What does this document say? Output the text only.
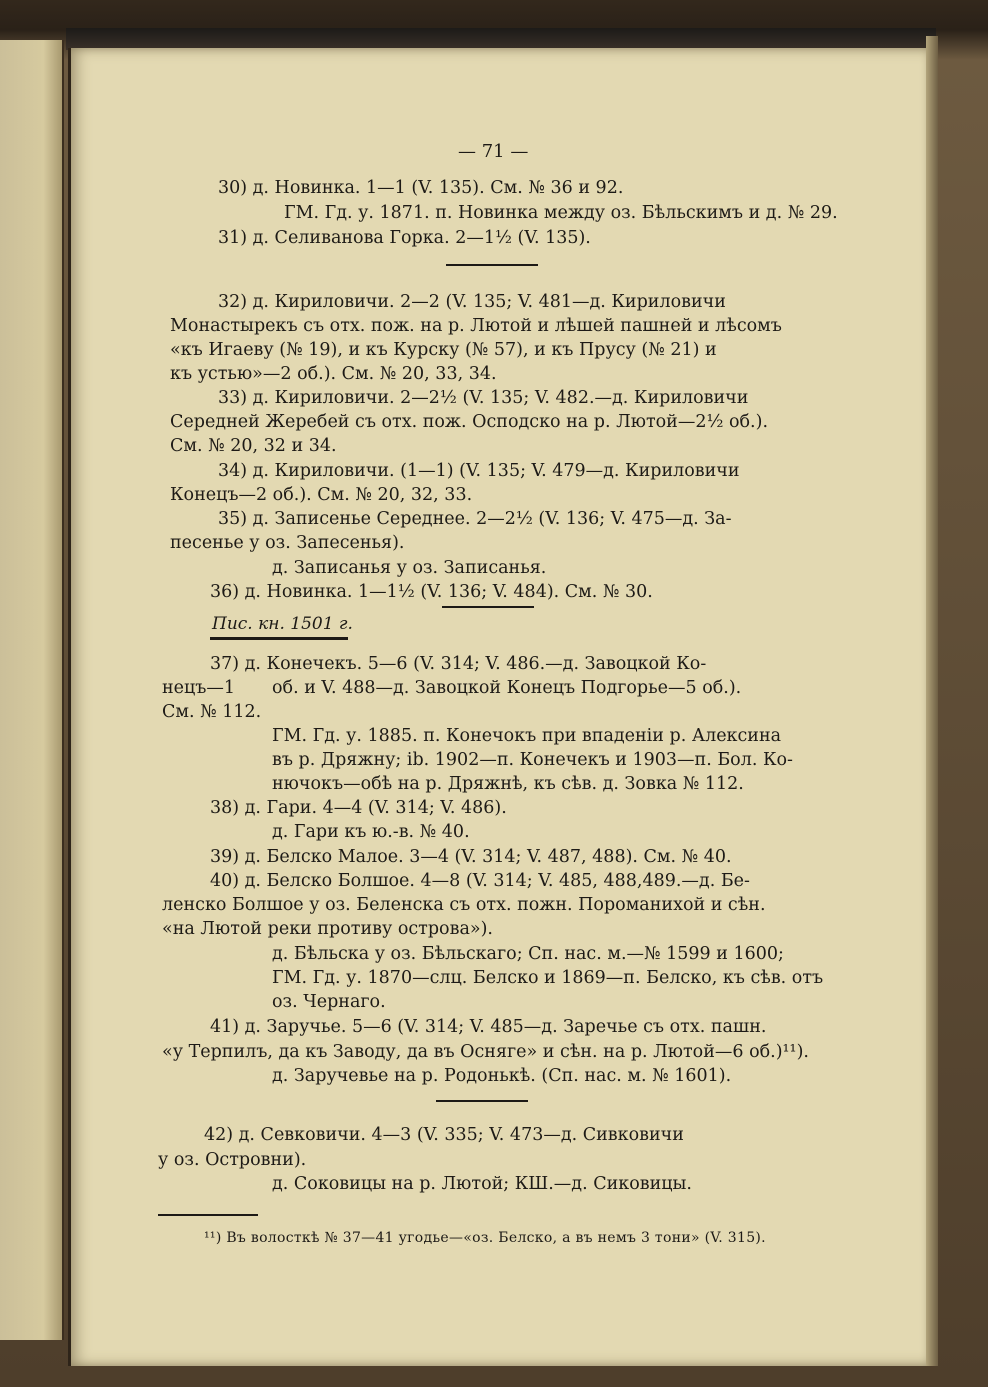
— 71 —
30) д. Новинка. 1—1 (V. 135). См. № 36 и 92.
ГМ. Гд. у. 1871. п. Новинка между оз. Бѣльскимъ и д. № 29.
31) д. Селиванова Горка. 2—1½ (V. 135).
32) д. Кириловичи. 2—2 (V. 135; V. 481—д. Кириловичи
Монастырекъ съ отх. пож. на р. Лютой и лѣшей пашней и лѣсомъ
«къ Игаеву (№ 19), и къ Курску (№ 57), и къ Прусу (№ 21) и
къ устью»—2 об.). См. № 20, 33, 34.
33) д. Кириловичи. 2—2½ (V. 135; V. 482.—д. Кириловичи
Середней Жеребей съ отх. пож. Осподско на р. Лютой—2½ об.).
См. № 20, 32 и 34.
34) д. Кириловичи. (1—1) (V. 135; V. 479—д. Кириловичи
Конецъ—2 об.). См. № 20, 32, 33.
35) д. Записенье Середнее. 2—2½ (V. 136; V. 475—д. За-
песенье у оз. Запесенья).
д. Записанья у оз. Записанья.
36) д. Новинка. 1—1½ (V. 136; V. 484). См. № 30.
Пис. кн. 1501 г.
37) д. Конечекъ. 5—6 (V. 314; V. 486.—д. Завоцкой Ко-
нецъ—1 об. и V. 488—д. Завоцкой Конецъ Подгорье—5 об.).
См. № 112.
ГМ. Гд. у. 1885. п. Конечокъ при впаденіи р. Алексина
въ р. Дряжну; ib. 1902—п. Конечекъ и 1903—п. Бол. Ко-
нючокъ—обѣ на р. Дряжнѣ, къ сѣв. д. Зовка № 112.
38) д. Гари. 4—4 (V. 314; V. 486).
д. Гари къ ю.-в. № 40.
39) д. Белско Малое. 3—4 (V. 314; V. 487, 488). См. № 40.
40) д. Белско Болшое. 4—8 (V. 314; V. 485, 488,489.—д. Бе-
ленско Болшое у оз. Беленска съ отх. пожн. Пороманихой и сѣн.
«на Лютой реки противу острова»).
д. Бѣльска у оз. Бѣльскаго; Сп. нас. м.—№ 1599 и 1600;
ГМ. Гд. у. 1870—слц. Белско и 1869—п. Белско, къ сѣв. отъ
оз. Чернаго.
41) д. Заручье. 5—6 (V. 314; V. 485—д. Заречье съ отх. пашн.
«у Терпилъ, да къ Заводу, да въ Осняге» и сѣн. на р. Лютой—6 об.)¹¹).
д. Заручевье на р. Родонькѣ. (Сп. нас. м. № 1601).
42) д. Севковичи. 4—3 (V. 335; V. 473—д. Сивковичи
у оз. Островни).
д. Соковицы на р. Лютой; КШ.—д. Сиковицы.
¹¹) Въ волосткѣ № 37—41 угодье—«оз. Белско, а въ немъ 3 тони» (V. 315).
